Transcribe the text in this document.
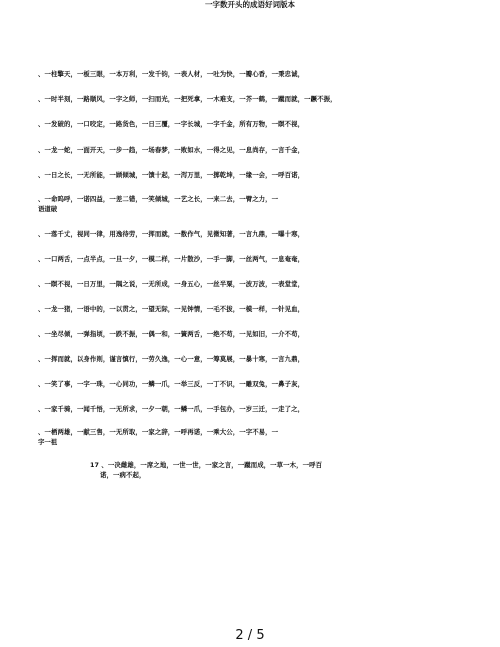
一字数开头的成语好词版本
、一柱擎天，一板三眼，一本万利，一发千钧，一表人材，一吐为快，一瓣心香，一秉忠诚，
、一时半刻，一路顺风，一字之师，一扫而光，一把死拿，一木难支，一芥一鹤，一蹴而就，一蹶不振，
、一发破的，一口咬定，一路货色，一日三覆，一字长城，一字千金，所有万物，一瞑不视，
、一龙一蛇，一面开天，一步一趋，一场春梦，一败如水，一得之见，一息尚存，一言千金，
、一日之长，一无所能，一顾倾城，一馈十起，一泻万里，一掷乾坤，一缘一会，一呼百诺，
、一命呜呼，一诺四益，一差二错，一笑倾城，一艺之长，一来二去，一臂之力，一
语道破
、一落千丈，视同一律，用逸待劳，一挥而就，一数作气，见微知著，一言九鼎，一曝十寒，
、一口两舌，一点半点，一旦一夕，一模二样，一片散沙，一手一脚，一丝两气，一息奄奄，
、一瞑不视，一日万里，一隅之说，一无所成，一身五心，一丝半粟，一波万波，一表堂堂，
、一龙一猪，一语中的，一以贯之，一望无际，一见钟情，一毛不拔，一模一样，一针见血，
、一坐尽倾，一弹指顷，一跌不振，一偶一和，一簧两舌，一绝不苟，一见如旧，一介不苟，
、一挥而就，以身作则，谨言慎行，一劳久逸，一心一意，一筹莫展，一暴十寒，一言九鼎，
、一笑了事，一字一珠，一心同功，一鳞一爪，一举三反，一丁不识，一雕双兔，一鼻子灰，
、一家千骑，一闻千悟，一无所求，一夕一朝，一鳞一爪，一手包办，一岁三迁，一走了之，
、一栖两雄，一献三售，一无所取，一家之辞，一呼再诺，一乘大公，一字不易，一
字一祖
17 、一决雌雄，一席之地，一世一世，一家之言，一蹴而成，一草一木，一呼百
诺，一病不起，
2 / 5
